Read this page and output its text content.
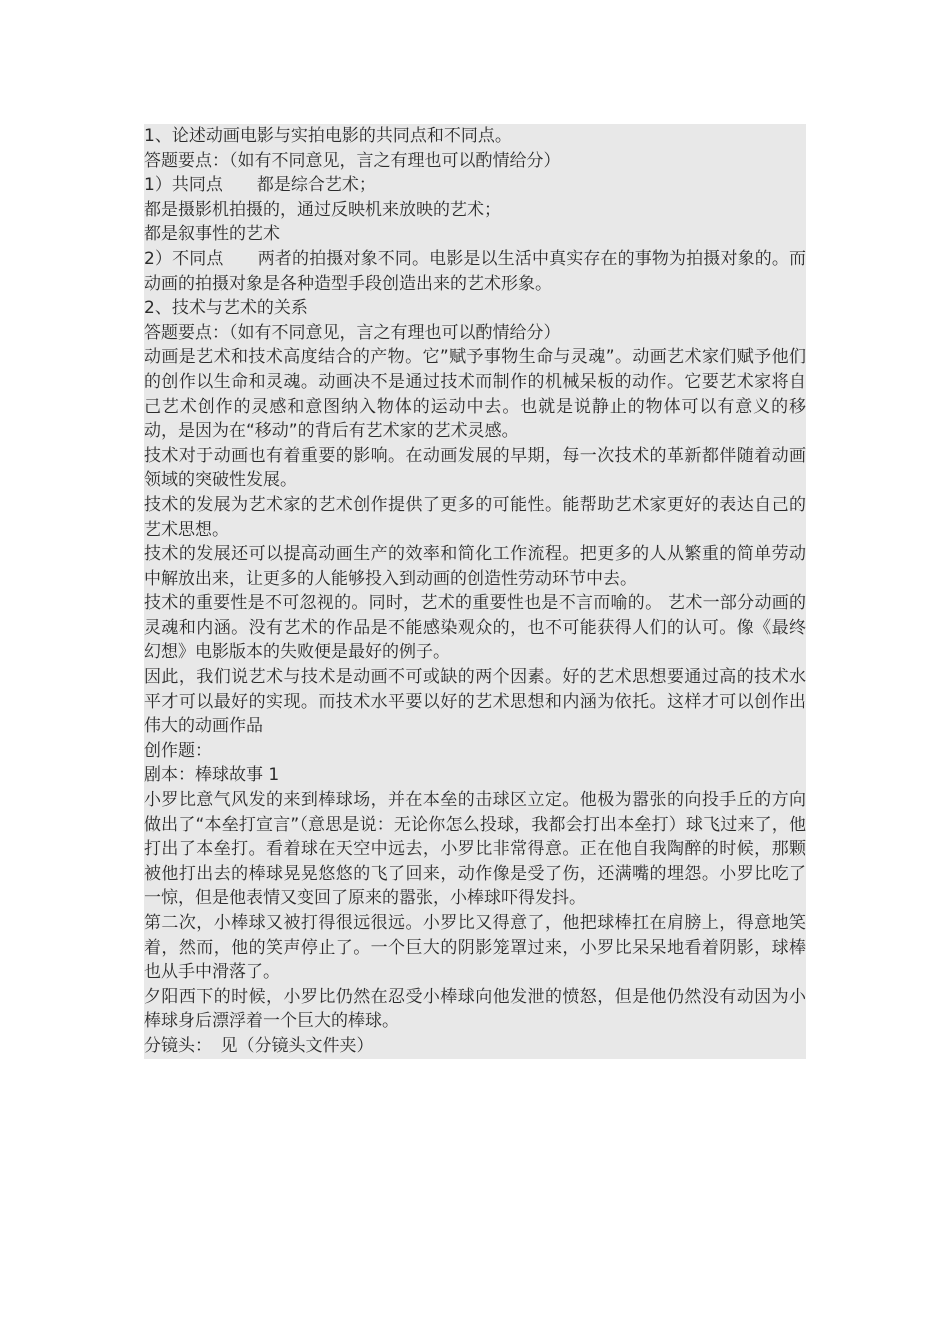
1、论述动画电影与实拍电影的共同点和不同点。

答题要点：（如有不同意见，言之有理也可以酌情给分）

1）共同点　　都是综合艺术；

都是摄影机拍摄的，通过反映机来放映的艺术；

都是叙事性的艺术

2）不同点　　两者的拍摄对象不同。电影是以生活中真实存在的事物为拍摄对象的。而动画的拍摄对象是各种造型手段创造出来的艺术形象。

2、技术与艺术的关系

答题要点：（如有不同意见，言之有理也可以酌情给分）

动画是艺术和技术高度结合的产物。它”赋予事物生命与灵魂”。动画艺术家们赋予他们的创作以生命和灵魂。动画决不是通过技术而制作的机械呆板的动作。它要艺术家将自己艺术创作的灵感和意图纳入物体的运动中去。也就是说静止的物体可以有意义的移动，是因为在“移动”的背后有艺术家的艺术灵感。

技术对于动画也有着重要的影响。在动画发展的早期，每一次技术的革新都伴随着动画领域的突破性发展。

技术的发展为艺术家的艺术创作提供了更多的可能性。能帮助艺术家更好的表达自己的艺术思想。

技术的发展还可以提高动画生产的效率和简化工作流程。把更多的人从繁重的简单劳动中解放出来，让更多的人能够投入到动画的创造性劳动环节中去。

技术的重要性是不可忽视的。同时，艺术的重要性也是不言而喻的。 艺术一部分动画的灵魂和内涵。没有艺术的作品是不能感染观众的，也不可能获得人们的认可。像《最终幻想》电影版本的失败便是最好的例子。

因此，我们说艺术与技术是动画不可或缺的两个因素。好的艺术思想要通过高的技术水平才可以最好的实现。而技术水平要以好的艺术思想和内涵为依托。这样才可以创作出伟大的动画作品

创作题：

剧本：棒球故事 1

小罗比意气风发的来到棒球场，并在本垒的击球区立定。他极为嚣张的向投手丘的方向做出了“本垒打宣言”（意思是说：无论你怎么投球，我都会打出本垒打）球飞过来了，他打出了本垒打。看着球在天空中远去，小罗比非常得意。正在他自我陶醉的时候，那颗被他打出去的棒球晃晃悠悠的飞了回来，动作像是受了伤，还满嘴的埋怨。小罗比吃了一惊，但是他表情又变回了原来的嚣张，小棒球吓得发抖。

第二次，小棒球又被打得很远很远。小罗比又得意了，他把球棒扛在肩膀上，得意地笑着，然而，他的笑声停止了。一个巨大的阴影笼罩过来，小罗比呆呆地看着阴影，球棒也从手中滑落了。

夕阳西下的时候，小罗比仍然在忍受小棒球向他发泄的愤怒，但是他仍然没有动因为小棒球身后漂浮着一个巨大的棒球。

分镜头：　见（分镜头文件夹）
